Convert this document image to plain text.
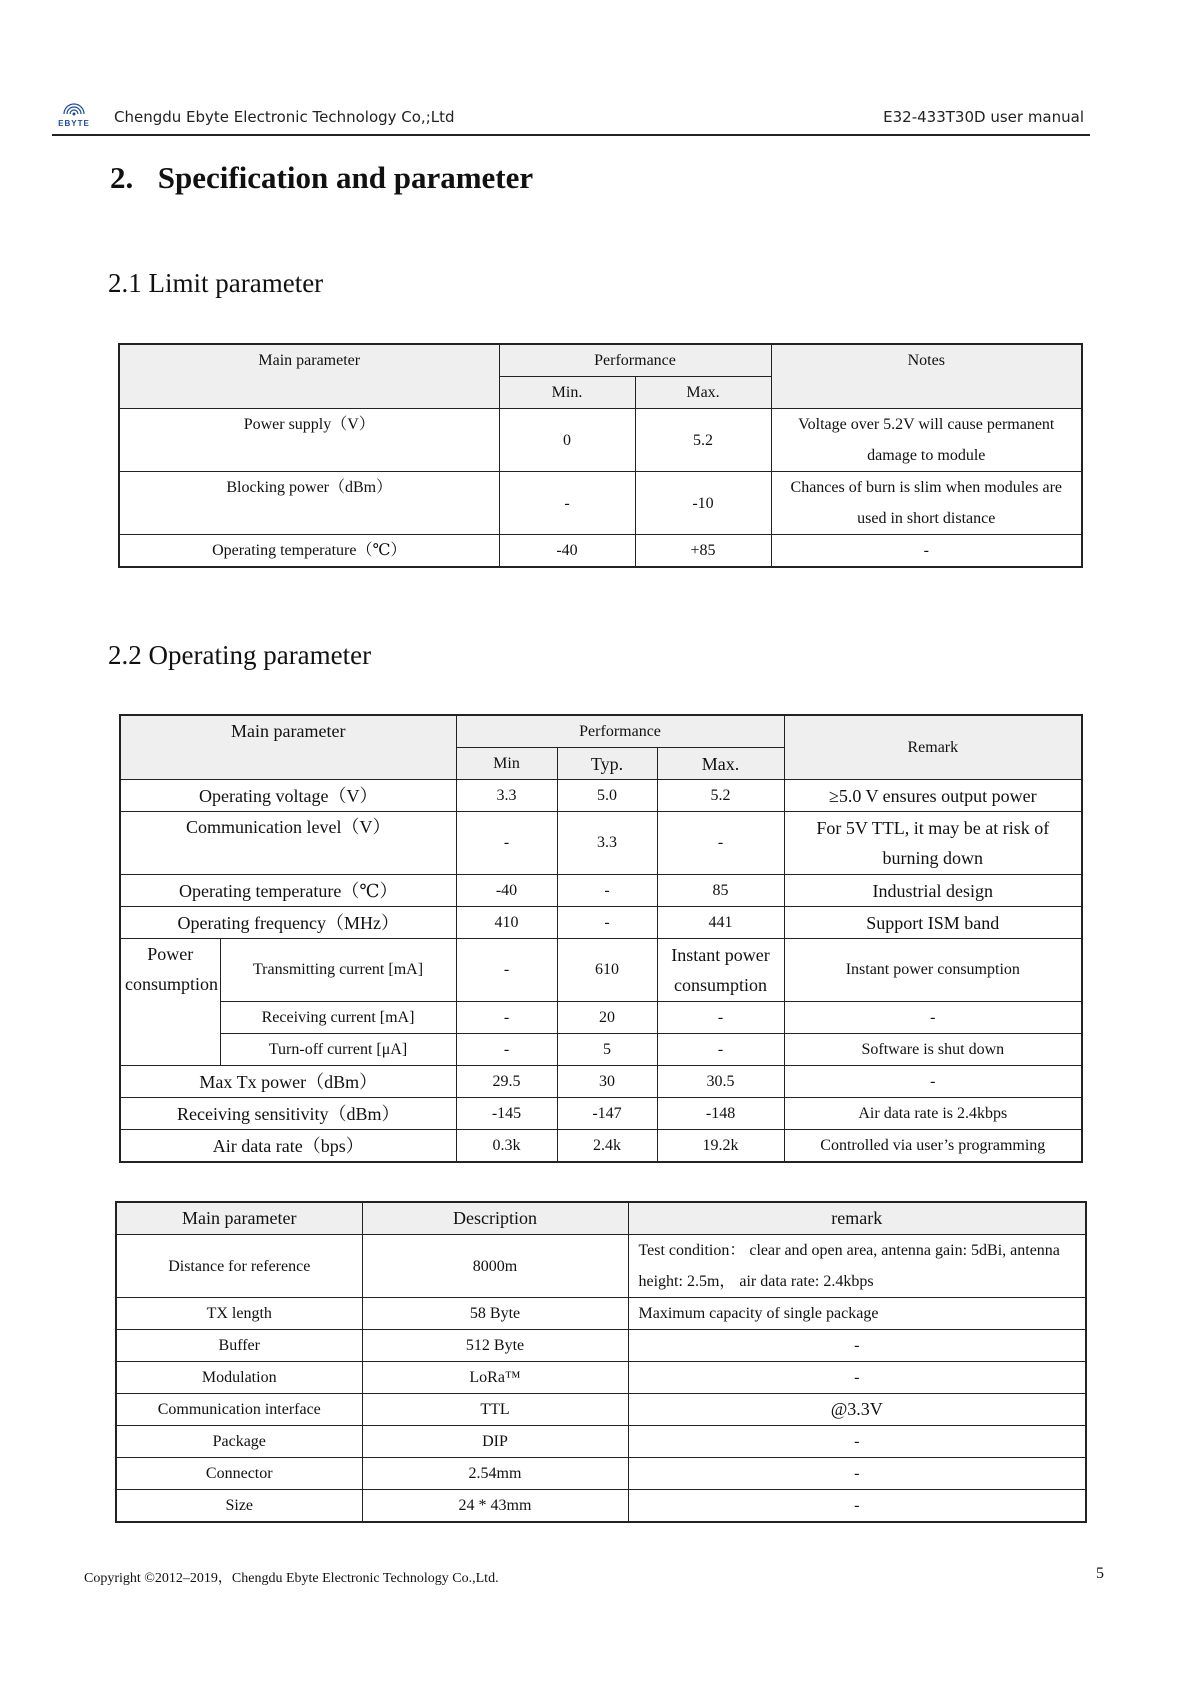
EBYTE	Chengdu Ebyte Electronic Technology Co,;Ltd	E32-433T30D user manual
2. Specification and parameter
2.1 Limit parameter
Main parameter	Performance		Notes
	Min.	Max.	
Power supply（V）	0	5.2	Voltage over 5.2V will cause permanent damage to module
Blocking power（dBm）	-	-10	Chances of burn is slim when modules are used in short distance
Operating temperature（℃）	-40	+85	-
2.2 Operating parameter
Main parameter		Performance			Remark
		Min	Typ.	Max.	
Operating voltage（V）		3.3	5.0	5.2	≥5.0 V ensures output power
Communication level（V）		-	3.3	-	For 5V TTL, it may be at risk of burning down
Operating temperature（℃）		-40	-	85	Industrial design
Operating frequency（MHz）		410	-	441	Support ISM band
Power consumption	Transmitting current [mA]	-	610	Instant power consumption	Instant power consumption
	Receiving current [mA]	-	20	-	-
	Turn-off current [μA]	-	5	-	Software is shut down
Max Tx power（dBm）		29.5	30	30.5	-
Receiving sensitivity（dBm）		-145	-147	-148	Air data rate is 2.4kbps
Air data rate（bps）		0.3k	2.4k	19.2k	Controlled via user’s programming
Main parameter	Description	remark
Distance for reference	8000m	Test condition： clear and open area, antenna gain: 5dBi, antenna height: 2.5m， air data rate: 2.4kbps
TX length	58 Byte	Maximum capacity of single package
Buffer	512 Byte	-
Modulation	LoRa™	-
Communication interface	TTL	@3.3V
Package	DIP	-
Connector	2.54mm	-
Size	24 * 43mm	-
Copyright ©2012–2019，Chengdu Ebyte Electronic Technology Co.,Ltd.	5
